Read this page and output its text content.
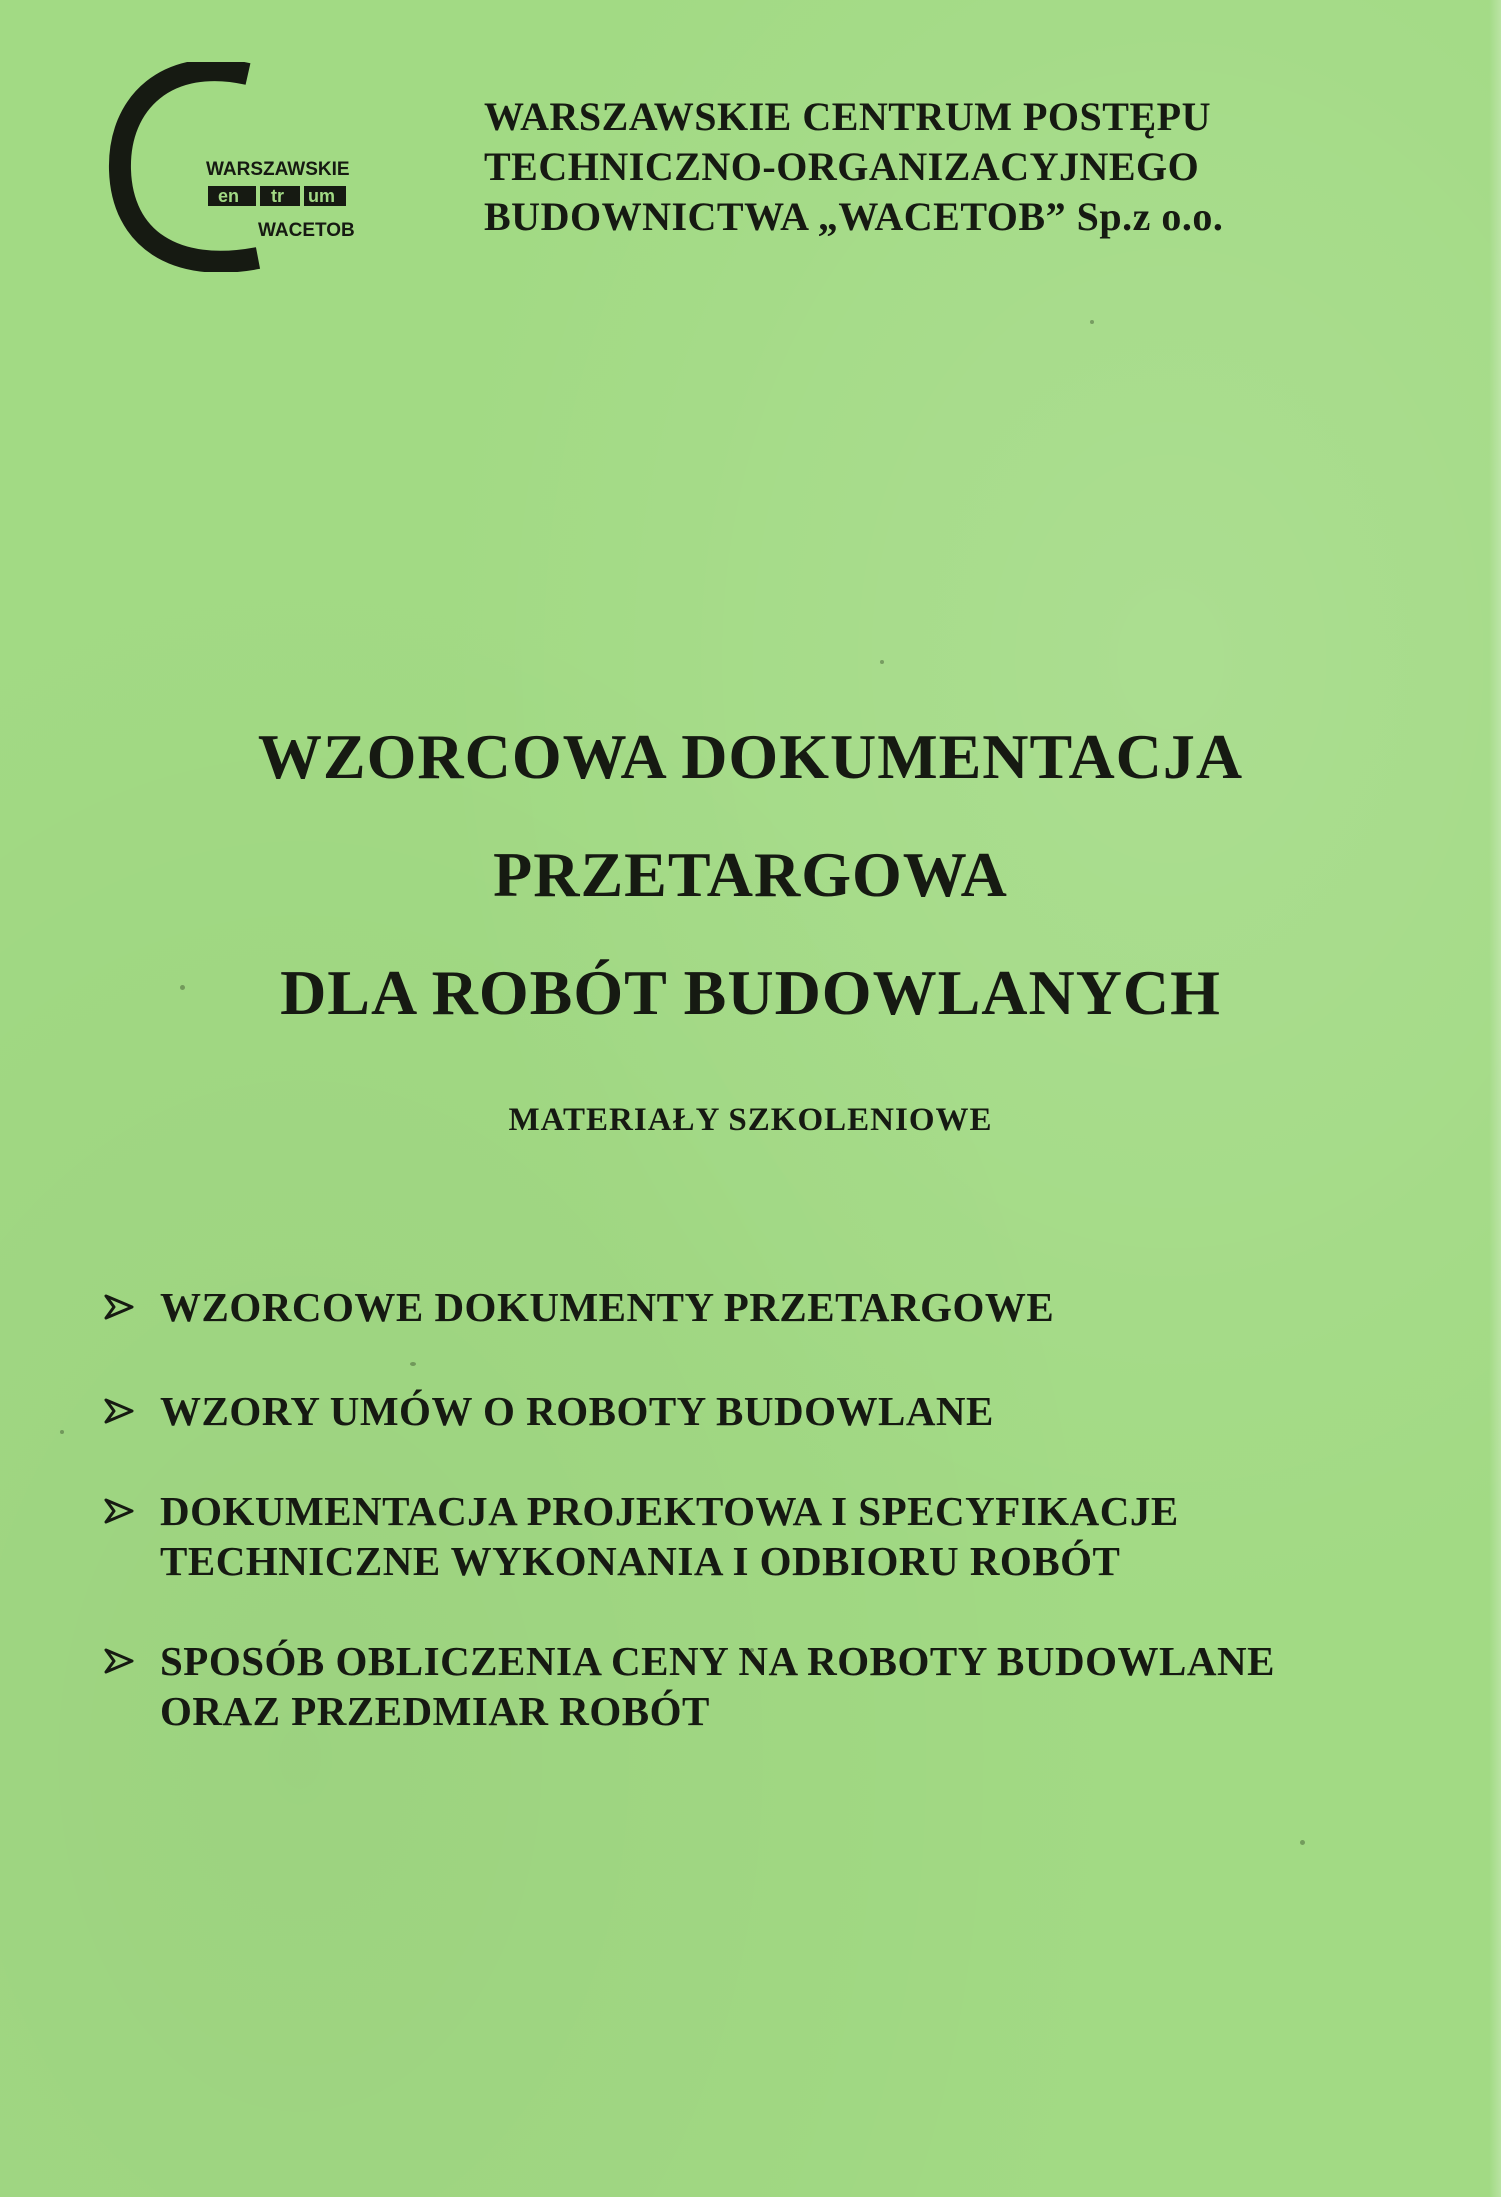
WARSZAWSKIE
en tr um
WACETOB
WARSZAWSKIE CENTRUM POSTĘPU
TECHNICZNO-ORGANIZACYJNEGO
BUDOWNICTWA „WACETOB” Sp.z o.o.
WZORCOWA DOKUMENTACJA
PRZETARGOWA
DLA ROBÓT BUDOWLANYCH
MATERIAŁY SZKOLENIOWE
WZORCOWE DOKUMENTY PRZETARGOWE
WZORY UMÓW O ROBOTY BUDOWLANE
DOKUMENTACJA PROJEKTOWA I SPECYFIKACJE
TECHNICZNE WYKONANIA I ODBIORU ROBÓT
SPOSÓB OBLICZENIA CENY NA ROBOTY BUDOWLANE
ORAZ PRZEDMIAR ROBÓT
